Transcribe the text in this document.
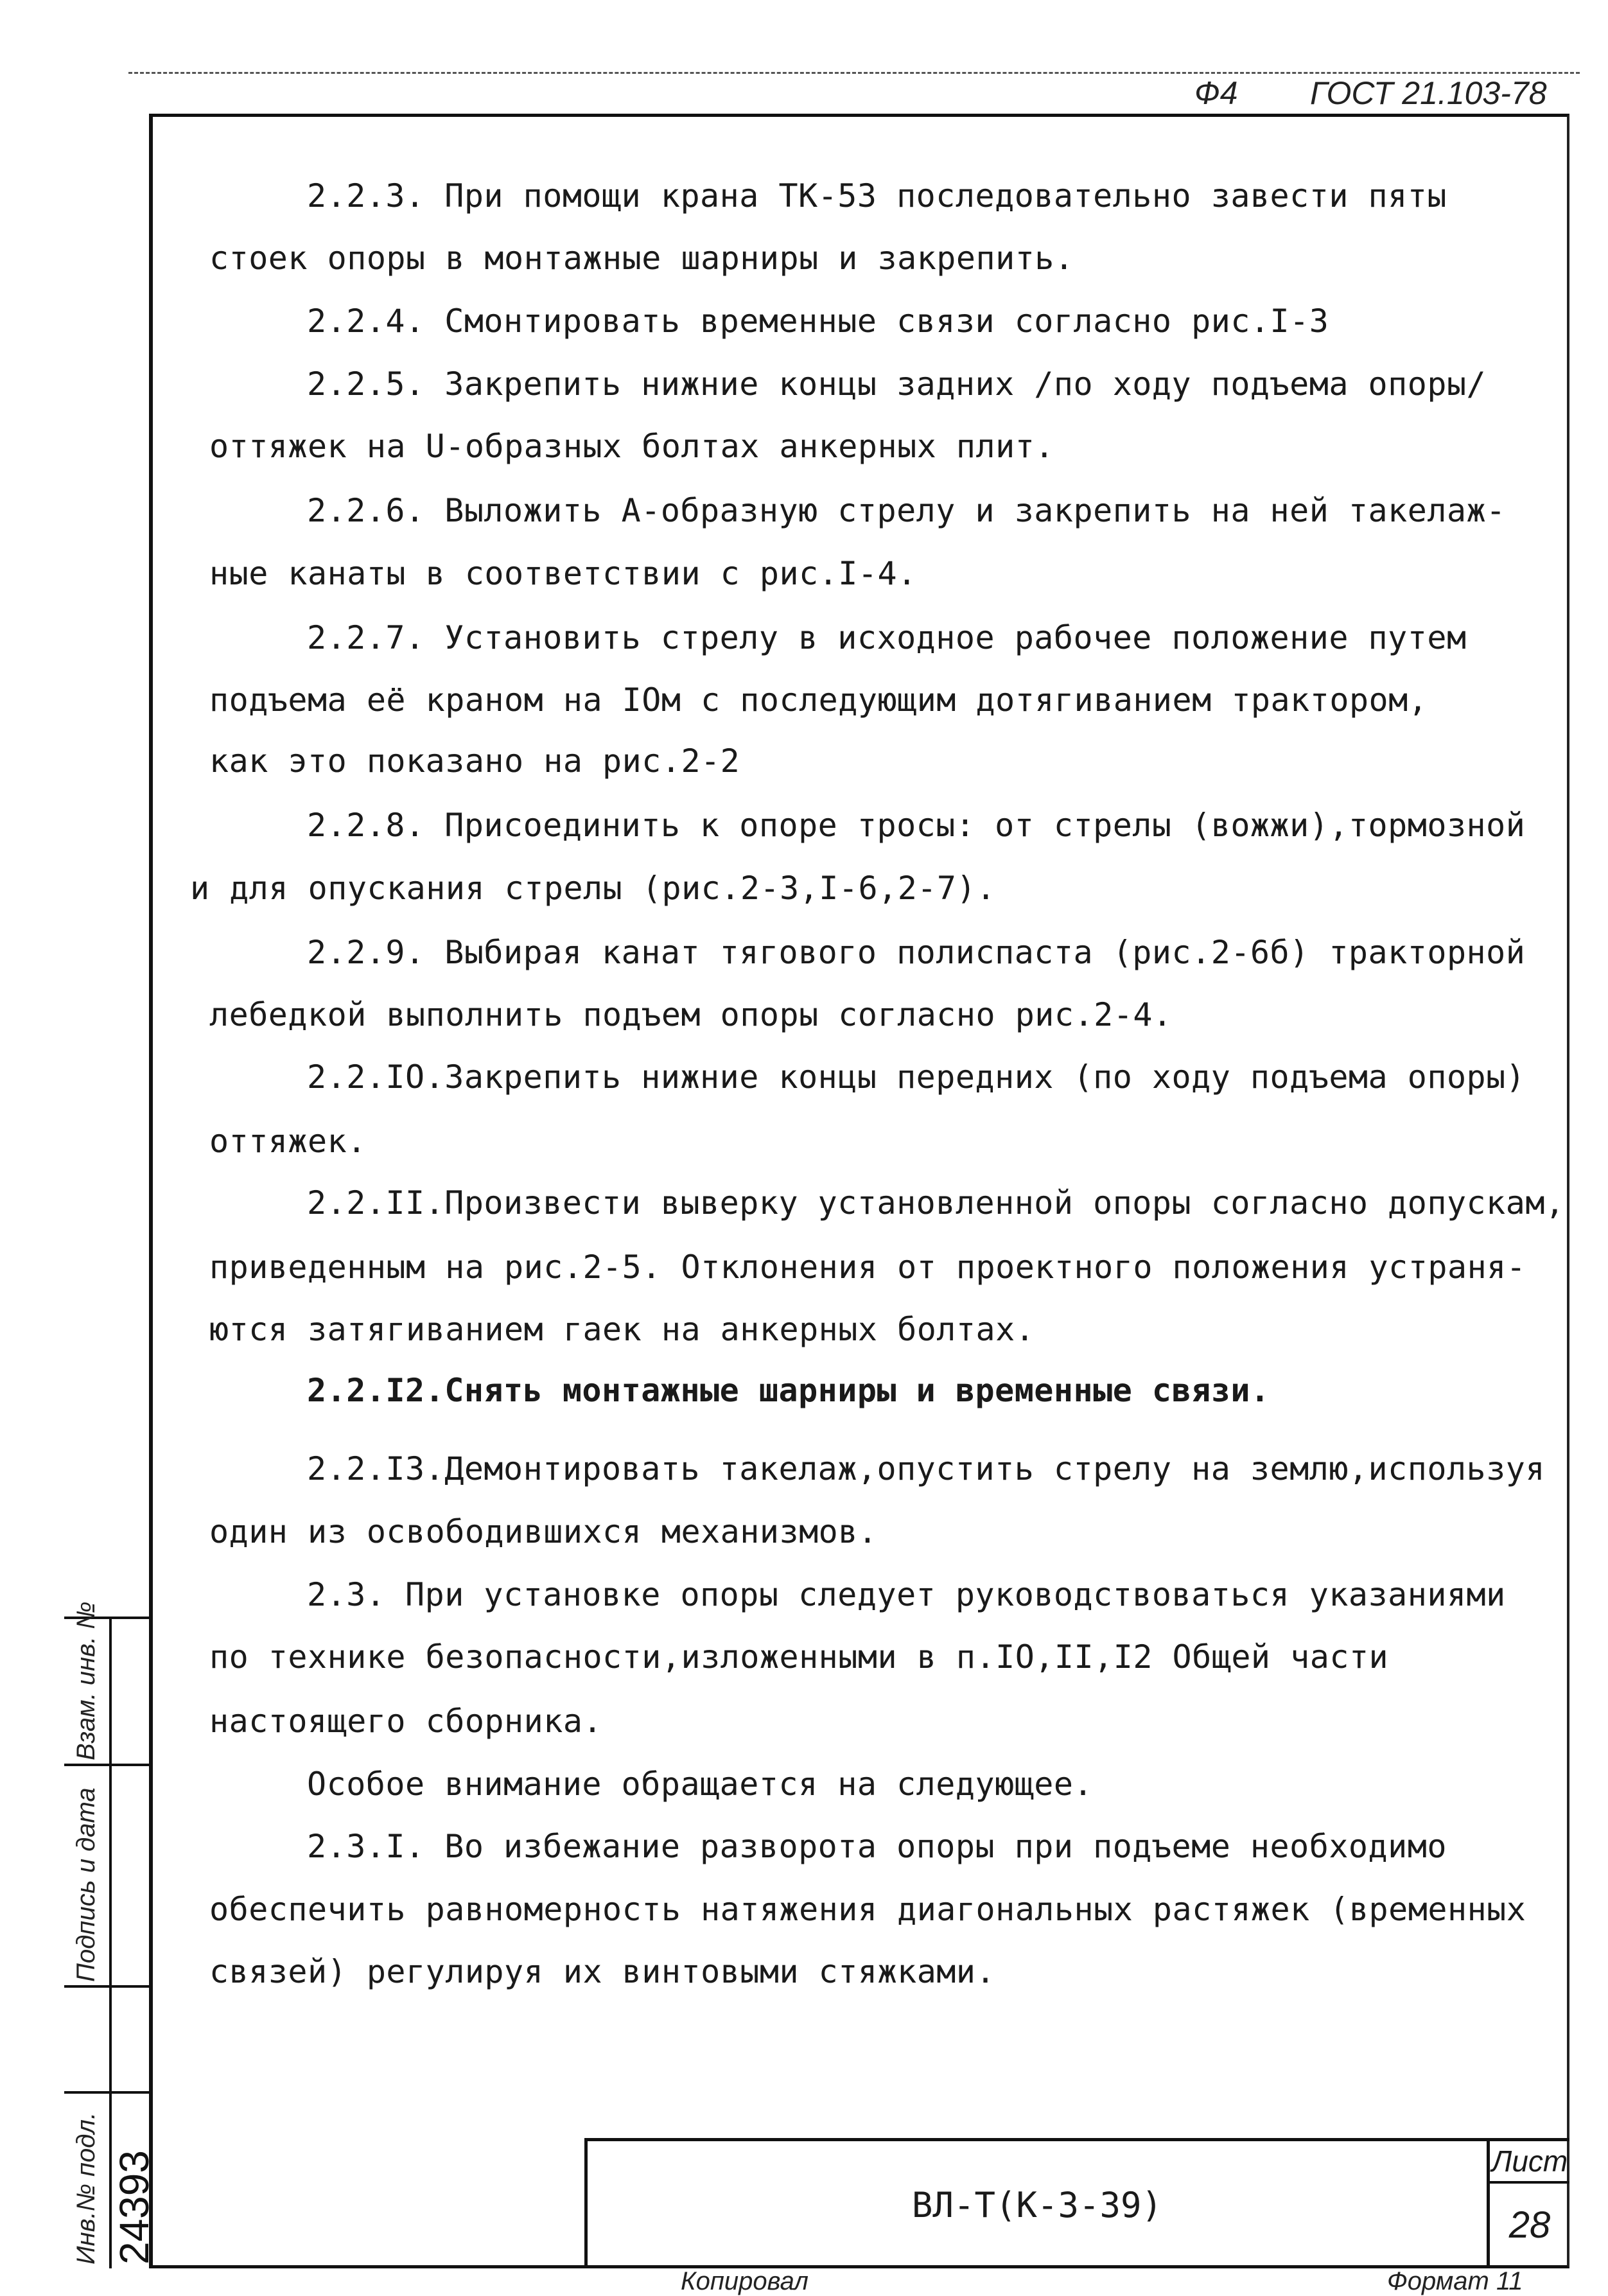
Ф4 ГОСТ 21.103-78
2.2.3. При помощи крана ТК-53 последовательно завести пяты
стоек опоры в монтажные шарниры и закрепить.
2.2.4. Смонтировать временные связи согласно рис.I-3
2.2.5. Закрепить нижние концы задних /по ходу подъема опоры/
оттяжек на U-образных болтах анкерных плит.
2.2.6. Выложить А-образную стрелу и закрепить на ней такелаж-
ные канаты в соответствии с рис.I-4.
2.2.7. Установить стрелу в исходное рабочее положение путем
подъема её краном на IOм с последующим дотягиванием трактором,
как это показано на рис.2-2
2.2.8. Присоединить к опоре тросы: от стрелы (вожжи),тормозной
и для опускания стрелы (рис.2-3,I-6,2-7).
2.2.9. Выбирая канат тягового полиспаста (рис.2-6б) тракторной
лебедкой выполнить подъем опоры согласно рис.2-4.
2.2.IO.Закрепить нижние концы передних (по ходу подъема опоры)
оттяжек.
2.2.II.Произвести выверку установленной опоры согласно допускам,
приведенным на рис.2-5. Отклонения от проектного положения устраня-
ются затягиванием гаек на анкерных болтах.
2.2.I2.Снять монтажные шарниры и временные связи.
2.2.I3.Демонтировать такелаж,опустить стрелу на землю,используя
один из освободившихся механизмов.
2.3. При установке опоры следует руководствоваться указаниями
по технике безопасности,изложенными в п.IO,II,I2 Общей части
настоящего сборника.
Особое внимание обращается на следующее.
2.3.I. Во избежание разворота опоры при подъеме необходимо
обеспечить равномерность натяжения диагональных растяжек (временных
связей) регулируя их винтовыми стяжками.
ВЛ-Т(К-3-39)
Лист
28
Взам. инв. №
Подпись и дата
Инв.№ подл. 24393
Копировал	Формат 11
